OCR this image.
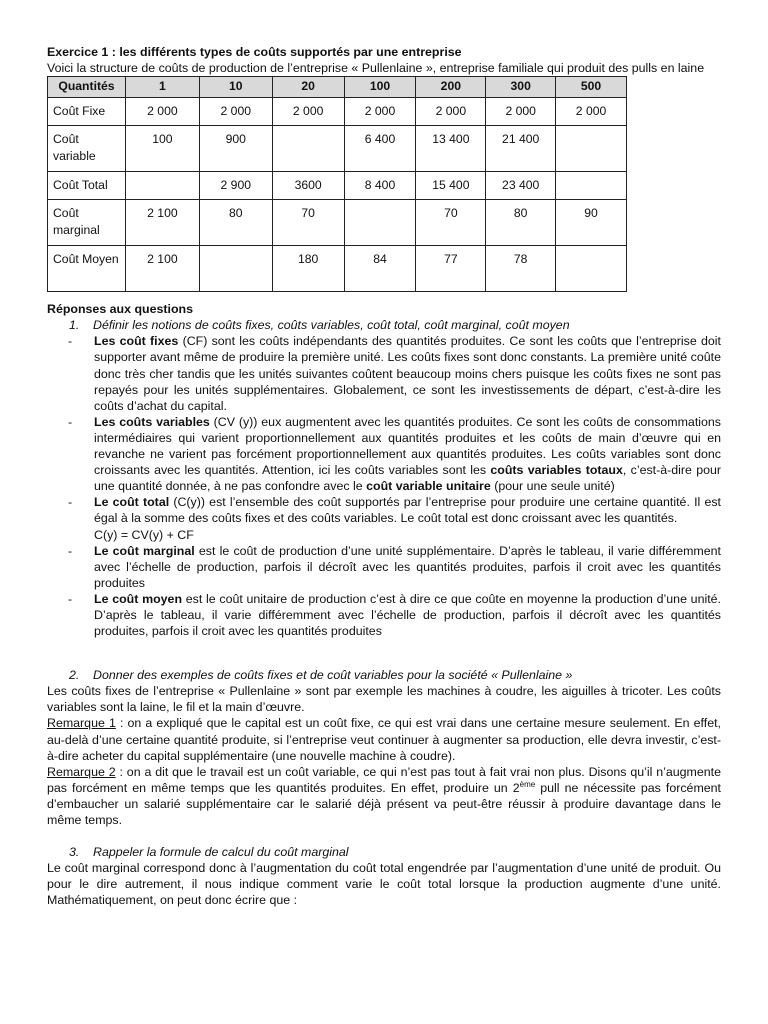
Exercice 1 : les différents types de coûts supportés par une entreprise
Voici la structure de coûts de production de l’entreprise « Pullenlaine », entreprise familiale qui produit des pulls en laine
Quantités	1	10	20	100	200	300	500
Coût Fixe	2 000	2 000	2 000	2 000	2 000	2 000	2 000
Coût variable	100	900		6 400	13 400	21 400	
Coût Total		2 900	3600	8 400	15 400	23 400	
Coût marginal	2 100	80	70		70	80	90
Coût Moyen	2 100		180	84	77	78	
Réponses aux questions
1. Définir les notions de coûts fixes, coûts variables, coût total, coût marginal, coût moyen
- Les coût fixes (CF) sont les coûts indépendants des quantités produites. Ce sont les coûts que l’entreprise doit supporter avant même de produire la première unité. Les coûts fixes sont donc constants. La première unité coûte donc très cher tandis que les unités suivantes coûtent beaucoup moins chers puisque les coûts fixes ne sont pas repayés pour les unités supplémentaires. Globalement, ce sont les investissements de départ, c’est-à-dire les coûts d’achat du capital.
- Les coûts variables (CV (y)) eux augmentent avec les quantités produites. Ce sont les coûts de consommations intermédiaires qui varient proportionnellement aux quantités produites et les coûts de main d’œuvre qui en revanche ne varient pas forcément proportionnellement aux quantités produites. Les coûts variables sont donc croissants avec les quantités. Attention, ici les coûts variables sont les coûts variables totaux, c’est-à-dire pour une quantité donnée, à ne pas confondre avec le coût variable unitaire (pour une seule unité)
- Le coût total (C(y)) est l’ensemble des coût supportés par l’entreprise pour produire une certaine quantité. Il est égal à la somme des coûts fixes et des coûts variables. Le coût total est donc croissant avec les quantités.
C(y) = CV(y) + CF
- Le coût marginal est le coût de production d’une unité supplémentaire. D’après le tableau, il varie différemment avec l’échelle de production, parfois il décroît avec les quantités produites, parfois il croit avec les quantités produites
- Le coût moyen est le coût unitaire de production c’est à dire ce que coûte en moyenne la production d’une unité. D’après le tableau, il varie différemment avec l’échelle de production, parfois il décroît avec les quantités produites, parfois il croit avec les quantités produites
2. Donner des exemples de coûts fixes et de coût variables pour la société « Pullenlaine »
Les coûts fixes de l’entreprise « Pullenlaine » sont par exemple les machines à coudre, les aiguilles à tricoter. Les coûts variables sont la laine, le fil et la main d’œuvre.
Remarque 1 : on a expliqué que le capital est un coût fixe, ce qui est vrai dans une certaine mesure seulement. En effet, au-delà d’une certaine quantité produite, si l’entreprise veut continuer à augmenter sa production, elle devra investir, c’est-à-dire acheter du capital supplémentaire (une nouvelle machine à coudre).
Remarque 2 : on a dit que le travail est un coût variable, ce qui n’est pas tout à fait vrai non plus. Disons qu’il n’augmente pas forcément en même temps que les quantités produites. En effet, produire un 2ème pull ne nécessite pas forcément d’embaucher un salarié supplémentaire car le salarié déjà présent va peut-être réussir à produire davantage dans le même temps.
3. Rappeler la formule de calcul du coût marginal
Le coût marginal correspond donc à l’augmentation du coût total engendrée par l’augmentation d’une unité de produit. Ou pour le dire autrement, il nous indique comment varie le coût total lorsque la production augmente d’une unité. Mathématiquement, on peut donc écrire que :
